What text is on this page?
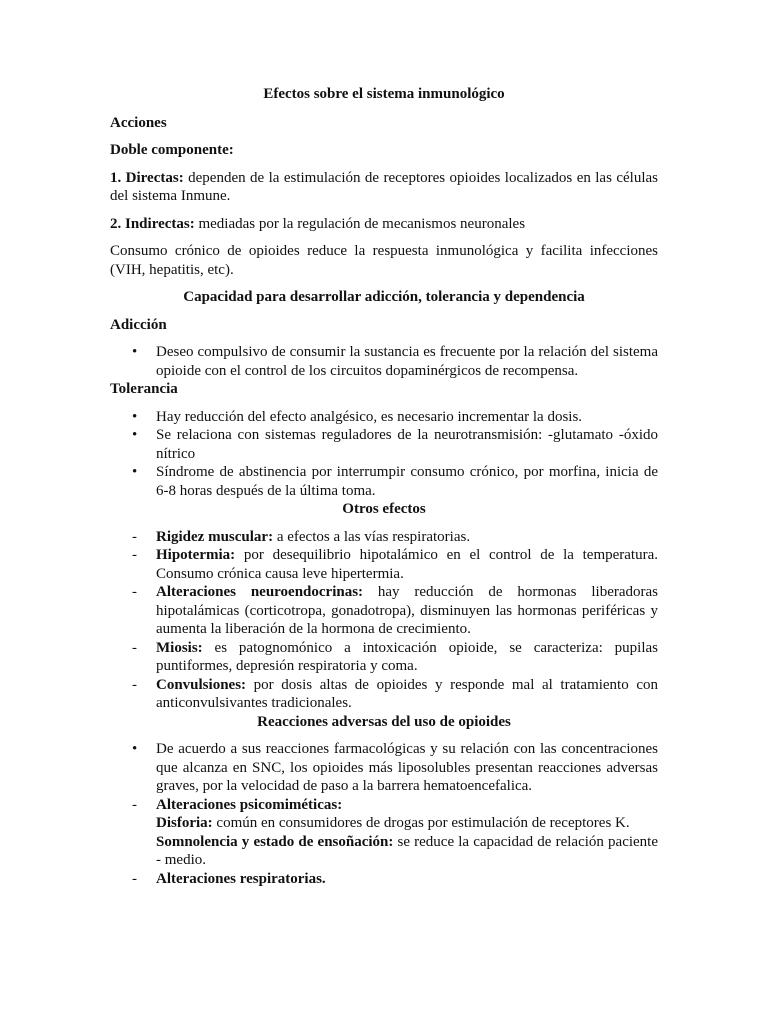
Efectos sobre el sistema inmunológico

Acciones

Doble componente:

1. Directas: dependen de la estimulación de receptores opioides localizados en las células del sistema Inmune.

2. Indirectas: mediadas por la regulación de mecanismos neuronales

Consumo crónico de opioides reduce la respuesta inmunológica y facilita infecciones (VIH, hepatitis, etc).

Capacidad para desarrollar adicción, tolerancia y dependencia

Adicción

• Deseo compulsivo de consumir la sustancia es frecuente por la relación del sistema opioide con el control de los circuitos dopaminérgicos de recompensa.

Tolerancia

• Hay reducción del efecto analgésico, es necesario incrementar la dosis.
• Se relaciona con sistemas reguladores de la neurotransmisión: -glutamato -óxido nítrico
• Síndrome de abstinencia por interrumpir consumo crónico, por morfina, inicia de 6-8 horas después de la última toma.

Otros efectos

- Rigidez muscular: a efectos a las vías respiratorias.
- Hipotermia: por desequilibrio hipotalámico en el control de la temperatura. Consumo crónica causa leve hipertermia.
- Alteraciones neuroendocrinas: hay reducción de hormonas liberadoras hipotalámicas (corticotropa, gonadotropa), disminuyen las hormonas periféricas y aumenta la liberación de la hormona de crecimiento.
- Miosis: es patognomónico a intoxicación opioide, se caracteriza: pupilas puntiformes, depresión respiratoria y coma.
- Convulsiones: por dosis altas de opioides y responde mal al tratamiento con anticonvulsivantes tradicionales.

Reacciones adversas del uso de opioides

• De acuerdo a sus reacciones farmacológicas y su relación con las concentraciones que alcanza en SNC, los opioides más liposolubles presentan reacciones adversas graves, por la velocidad de paso a la barrera hematoencefalica.
- Alteraciones psicomiméticas:
Disforia: común en consumidores de drogas por estimulación de receptores K.
Somnolencia y estado de ensoñación: se reduce la capacidad de relación paciente - medio.
- Alteraciones respiratorias.
